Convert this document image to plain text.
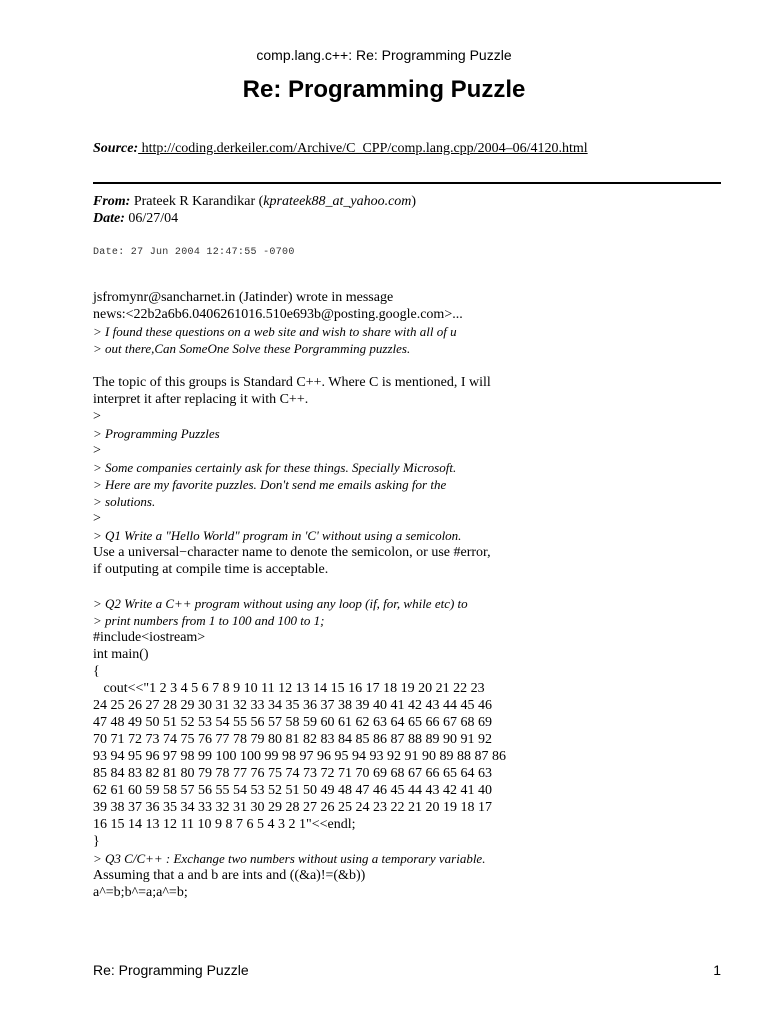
comp.lang.c++: Re: Programming Puzzle
Re: Programming Puzzle
Source: http://coding.derkeiler.com/Archive/C_CPP/comp.lang.cpp/2004–06/4120.html
From: Prateek R Karandikar (kprateek88_at_yahoo.com)
Date: 06/27/04
Date: 27 Jun 2004 12:47:55 -0700
jsfromynr@sancharnet.in (Jatinder) wrote in message
news:<22b2a6b6.0406261016.510e693b@posting.google.com>...
> I found these questions on a web site and wish to share with all of u
> out there,Can SomeOne Solve these Porgramming puzzles.
The topic of this groups is Standard C++. Where C is mentioned, I will
interpret it after replacing it with C++.
>
> Programming Puzzles
>
> Some companies certainly ask for these things. Specially Microsoft.
> Here are my favorite puzzles. Don't send me emails asking for the
> solutions.
>
> Q1 Write a "Hello World" program in 'C' without using a semicolon.
Use a universal−character name to denote the semicolon, or use #error,
if outputing at compile time is acceptable.
> Q2 Write a C++ program without using any loop (if, for, while etc) to
> print numbers from 1 to 100 and 100 to 1;
#include<iostream>
int main()
{
cout<<"1 2 3 4 5 6 7 8 9 10 11 12 13 14 15 16 17 18 19 20 21 22 23
24 25 26 27 28 29 30 31 32 33 34 35 36 37 38 39 40 41 42 43 44 45 46
47 48 49 50 51 52 53 54 55 56 57 58 59 60 61 62 63 64 65 66 67 68 69
70 71 72 73 74 75 76 77 78 79 80 81 82 83 84 85 86 87 88 89 90 91 92
93 94 95 96 97 98 99 100 100 99 98 97 96 95 94 93 92 91 90 89 88 87 86
85 84 83 82 81 80 79 78 77 76 75 74 73 72 71 70 69 68 67 66 65 64 63
62 61 60 59 58 57 56 55 54 53 52 51 50 49 48 47 46 45 44 43 42 41 40
39 38 37 36 35 34 33 32 31 30 29 28 27 26 25 24 23 22 21 20 19 18 17
16 15 14 13 12 11 10 9 8 7 6 5 4 3 2 1"<<endl;
}
> Q3 C/C++ : Exchange two numbers without using a temporary variable.
Assuming that a and b are ints and ((&a)!=(&b))
a^=b;b^=a;a^=b;
Re: Programming Puzzle	1
